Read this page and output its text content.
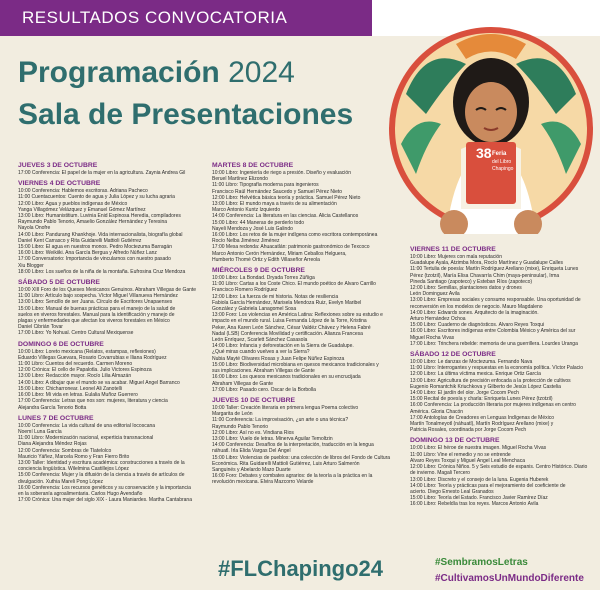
RESULTADOS CONVOCATORIA
Programación 2024
Sala de Presentaciones
38 Feria
del Libro
Chapingo
JUEVES 3 DE OCTUBRE
17:00 Conferencia: El papel de la mujer en la agricultura. Zaynia Andrea Gil
VIERNES 4 DE OCTUBRE
10:00 Conferencia: Hablemos escritoras. Adriana Pacheco
11:00 Cuentacuentos: Cuento de agua y Julia López y su lucha agraria
12:00 Libro: Agua y pueblos indígenas de México
Yanga Villagómez Velázquez y Emanuel Gómez Martínez
13:00 Libro: Humanistitium. Luvinia Enid Espinosa Heredia, compiladores
Raymundo Pablo Tenorio, Amaelio González Hernández y Teresina
Nayola Onofre
14:00 Libro: Pandurang Khankhoje. Vida internacionalista, biografía global
Daniel Kent Carrasco y Rita Guidarelli Mattioli Gutiérrez
15:00 Libro: El agua en nuestros monos. Pedro Moctezuma Barragán
16:00 Libro: Weikiiki. Ana García Bergua y Alfredo Núñez Lanz
17:00 Conversatorio: Importancia de vincularnos con nuestro pasado
Xiu Blogger
18:00 Libro: Los sueños de la niña de la montaña. Eufrosina Cruz Mendoza
SÁBADO 5 DE OCTUBRE
10:00 XIII Foro de los Queses Mexicanos Genuinos. Abraham Villegas de Gante
11:00 Libro: Artículo bajo sospecha. Víctor Miguel Villanueva Hernández
13:00 Libro: Sencillo de ser Juana. Círculo de Escritores Unapaenses
15:00 Libro: Manual de buenas prácticas para el manejo de la salud de
suelos en viveros forestales. Manual para la identificación y manejo de
plagas y enfermedades que afectan los viveros forestales en México
Daniel Cibrián Tovar
17:00 Libro: Yo Nohual. Centro Cultural Mexiquense
DOMINGO 6 DE OCTUBRE
10:00 Libro: Loreto mexicana (Relatos, estampas, reflexiones)
Eduardo Villegas Guevara, Rosario Covarrubias e Iliana Rodríguez
11:00 Libro: Cuentos del recuerdo. Carmen Moreno
12:00 Crónica: El cello de Papalotla. Julio Victores Espinoza
13:00 Libro: Redacción mayor. Rocío Lilia Almazán
14:00 Libro: A dibujar que el mundo se va acabar. Miguel Ángel Barranco
15:00 Libro: Chicharronear. Leonel Ali Zanotelli
16:00 Libro: Mi vida en letras. Eulalia Muñoz Guerrero
17:00 Conferencia: Letras que nos son: mujeres, literatura y ciencia
Alejandra García Tenorio Botta
LUNES 7 DE OCTUBRE
10:00 Conferencia: La vida cultural de una editorial Iocoscana
Noemí Luna García
11:00 Libro: Modernización nacional, experticia transnacional
Diana Alejandra Méndez Rojas
12:00 Conferencia: Sombras de Tlatelolco
Mauricio Yáñez, Marcela Romo y Fran Fierro Brito
13:00 Taller: Identidad y escritura académica: construcciones a través de la
conciencia lingüística. Wilelmina Castillejos López
15:00 Conferencia: Mujer y la difusión de la ciencia a través de artículos de
divulgación. Xuthia Mareli Pong López
16:00 Conferencia: Los recursos genéticos y su conservación y la importancia
en la soberanía agroalimentaria. Carlos Hugo Avendaño
17:00 Crónica: Una mujer del siglo XIX - Laura Maniardes. Martha Cantabrana
MARTES 8 DE OCTUBRE
10:00 Libro: Ingeniería de riego a presión. Diseño y evaluación
Beruel Martínez Elizondo
11:00 Libro: Tipografía moderna para ingenieros
Francisco Raúl Hernández Saucedo y Samuel Pérez Nieto
12:00 Libro: Helvética básica teoría y práctica. Samuel Pérez Nieto
13:00 Libro: El mundo maya a través de su alimentación
Marco Antonio Kuntz Izquierdo
14:00 Conferencia: La literatura en las ciencias. Alicia Castellanos
15:00 Libro: 44 Maneras de perderlo todo
Nayeli Mendoza y José Luis Galindo
16:00 Libro: Los retos de la mujer indígena como escritora contemporánea
Rocío Nelba Jiménez Jiménez
17:00 Mesa redonda: Ahuacatlán: patrimonio gastronómico de Texcoco
Marco Antonio Cerón Hernández, Miriam Ceballos Helguera,
Humberto Thomé Ortiz y Edith Villaseñor Arreola
MIÉRCOLES 9 DE OCTUBRE
10:00 Libro: La Bondad. Dryada Torres Zúñiga
11:00 Libro: Cartas a los Coste Chico. El mundo poético de Álvaro Carrillo
Francisco Romero Rodríguez
12:00 Libro: La fuerza de mi historia. Notas de resiliencia
Fabiola García Hernández, Marisela Mendoza Ruiz, Evelyn Maribel
González y Gabriela Lanagomel Sosa
13:00 Foro: Los violencias en América Latina: Reflexiones sobre su estudio e
impacto en el mundo rural. Luisa Fernanda López de la Torre, Kristina
Peker, Ana Karen León Sánchez, César Valdéz Chávez y Helena Fabré
Nadal (LSB) Conferencia Movilidad y certificación. Alianza Francesa
León Enríquez, Scarlett Sánchez Casasola
14:00 Libro: Infancia y deforestación en la Sierra de Guadalupe.
¿Qué miras cuando vuelves a ver la Sierra?
Nubia Mayté Olivares Rosas y Juan Felipe Núñez Espinoza
15:00 Libro: Biodiversidad microbiana en quesos mexicanos tradicionales y
sus implicaciones. Abraham Villegas de Gante
16:00 Libro: Los quesos mexicanos tradicionales en su encrucijada
Abraham Villegas de Gante
17:00 Libro: Pasado cero. Óscar de la Borbolla
JUEVES 10 DE OCTUBRE
10:00 Taller: Creación literaria en primera lengua Poema colectivo
Margarita de León
11:00 Conferencia: La improvisación, ¿un arte o una técnica?
Raymundo Pablo Tenorio
12:00 Libro: Así no es. Vindiana Rios
13:00 Libro: Vuelo de letras. Minerva Aguilar Temoltzin
14:00 Conferencia: Desafíos de la interpretación, traducción en la lengua
náhuatl. Irla Elida Vargas Del Ángel
15:00 Libro: Violencias de pueblos: una colección de libros del Fondo de Cultura
Económica. Rita Guidarelli Mattioli Gutiérrez, Luis Arturo Salmerón
Sanguinés y Abelardo Mazo Duarte
16:00 Foro: Debates y combates agrarios: de la teoría a la práctica en la
revolución mexicana. Elvira Mazcorro Velarde
VIERNES 11 DE OCTUBRE
10:00 Libro: Mujeres con mala reputación
Guadalupe Ayala, Atzimba Mora, Rocío Martínez y Guadalupe Calles
11:00 Tertulia de poesía: Martín Rodríguez Arellano (mixe), Enriqueta Lunes
Pérez (tzotzil), María Elisa Chavarría Chim (maya-peninsular), Irma
Pineda Santiago (zapoteco) y Esteban Ríos (zapoteco)
12:00 Libro: Semillas, plantaciones datos y drones
León Dominguez Avila
13:00 Libro: Empresas sociales y consumo responsable. Una oportunidad de
reconversión en los modelos de negocio. Mauro Magdaleno
14:00 Libro: Edwards sones. Arquitecto de la imaginación.
Arturo Hernández Ochoa
15:00 Libro: Cuaderno de diagnósticos. Álvaro Reyes Toxqui
16:00 Libro: Escritores indígenas entre Colombia México y América del sur
Miguel Rocha Vivas
17:00 Libro: Trinchera rebelde: memoria de una guerrillera. Lourdes Uranga
SÁBADO 12 DE OCTUBRE
10:00 Libro: Le danzas de Moctezuma. Fernando Nava
11:00 Libro: Interrogantes y respuestas en la economía política. Víctor Palacio
12:00 Libro: La última víctima mexica. Enrique Ortiz García
13:00 Libro: Agricultura de precisión enfocada a la protección de cultivos
Eugenio Romantchik Kriuchkova y Gilberto de Jesús López Castelia
14:00 Libro: El jardín del olor. Jorge Cocom Pech
15:00 Recital de poesía y charla: Enriqueta Lunes Pérez (tzotzil)
16:00 Conferencia: La producción literaria por mujeres indígenas en centro
América. Gloria Chacón
17:00 Antologías de Creadores en Lenguas Indígenas de México
Martín Tonalmeyotl (náhuatl), Martín Rodríguez Arellano (mixe) y
Patricia Rosales, coordinada por Jorge Cocom Pech
DOMINGO 13 DE OCTUBRE
10:00 Libro: El héroe de nuestra imagen. Miguel Rocha Vivas
11:00 Libro: Vine el remedio y no se entrende
Álvaro Reyes Toxqui y Miguel Ángel Leal Menchaca
12:00 Libro: Crónica Niños. 5 y Seis estudio de espanis. Centro Histórico. Diario
de invierno. Magali Tercero
13:00 Libro: Discreto y el consejo de la luna. Eugenia Huberek
14:00 Libro: Teoría y prácticas para el mejoramiento del coeficiente de
acierto. Diego Ernesto Leal Granados
15:00 Libro: Teoría del Estado. Francisco Javier Ramírez Díaz
16:00 Libro: Rebeldía tras los reyes. Marcos Antonio Ávila
#FLChapingo24	#SembramosLetras
#CultivamosUnMundoDiferente
